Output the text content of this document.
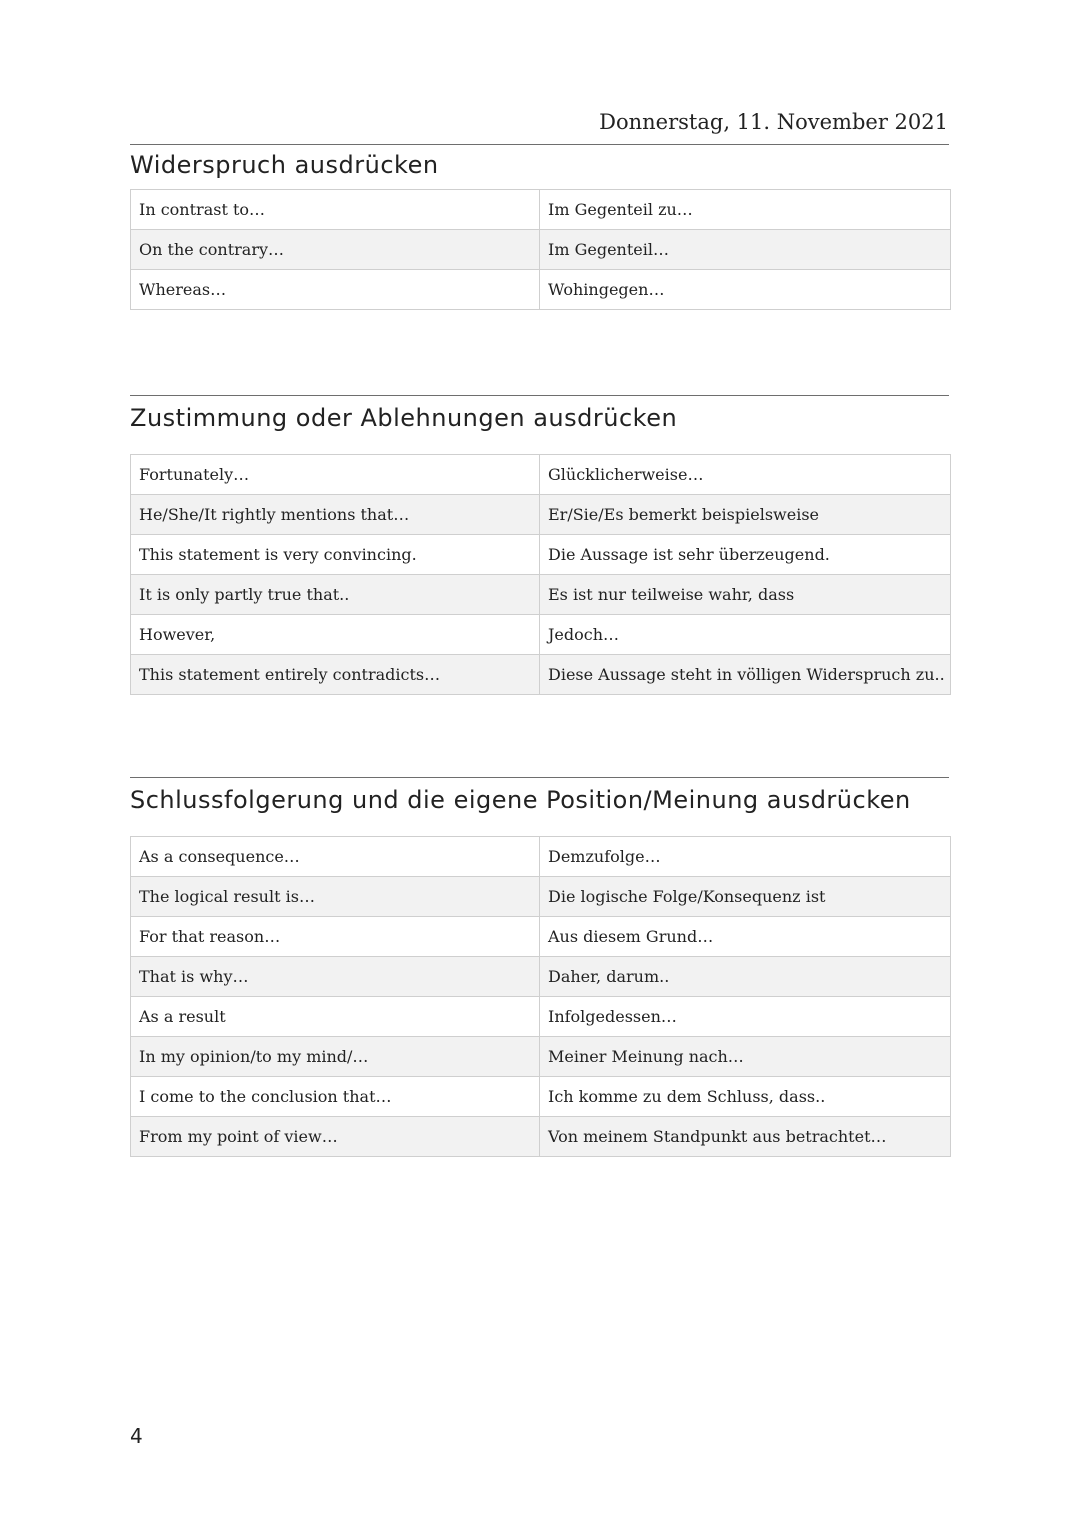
Donnerstag, 11. November 2021
Widerspruch ausdrücken
In contrast to…	Im Gegenteil zu…
On the contrary…	Im Gegenteil…
Whereas…	Wohingegen…
Zustimmung oder Ablehnungen ausdrücken
Fortunately…	Glücklicherweise…
He/She/It rightly mentions that…	Er/Sie/Es bemerkt beispielsweise
This statement is very convincing.	Die Aussage ist sehr überzeugend.
It is only partly true that..	Es ist nur teilweise wahr, dass
However,	Jedoch…
This statement entirely contradicts…	Diese Aussage steht in völligen Widerspruch zu..
Schlussfolgerung und die eigene Position/Meinung ausdrücken
As a consequence…	Demzufolge…
The logical result is…	Die logische Folge/Konsequenz ist
For that reason…	Aus diesem Grund…
That is why…	Daher, darum..
As a result	Infolgedessen…
In my opinion/to my mind/…	Meiner Meinung nach…
I come to the conclusion that…	Ich komme zu dem Schluss, dass..
From my point of view…	Von meinem Standpunkt aus betrachtet…
4
